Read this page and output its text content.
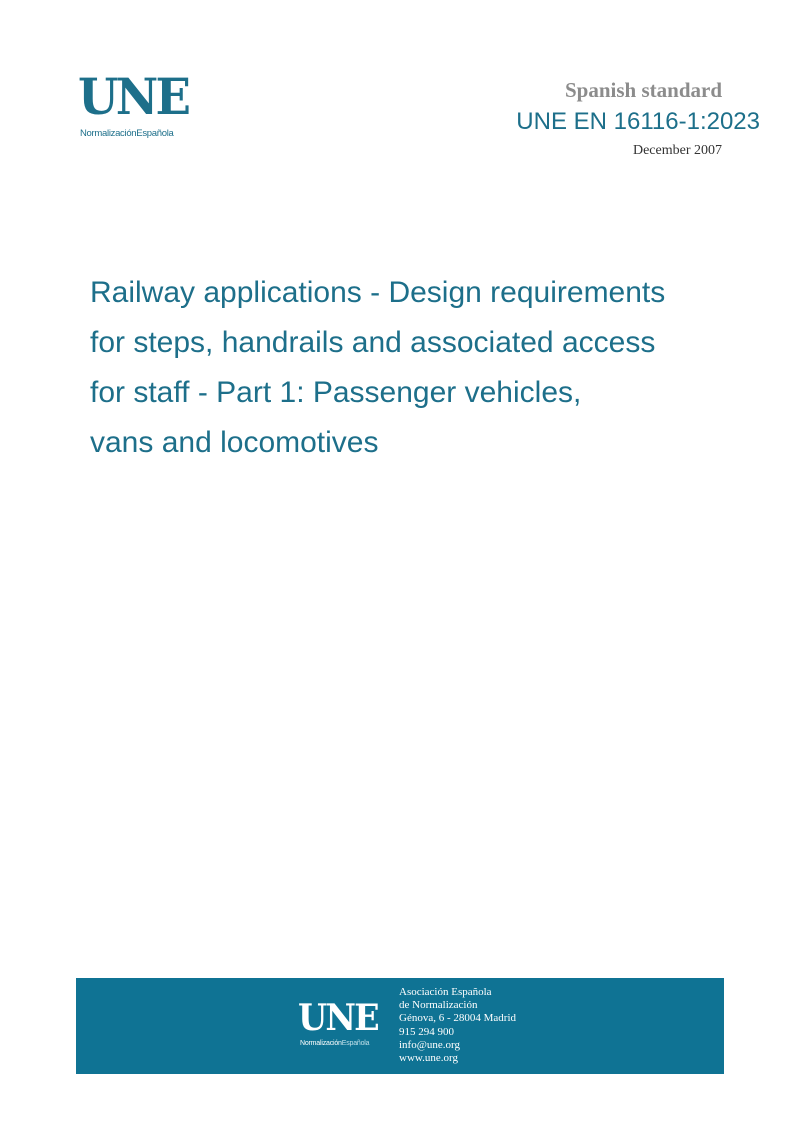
UNE
NormalizaciónEspañola
Spanish standard
UNE EN 16116-1:2023
December 2007
Railway applications - Design requirements
for steps, handrails and associated access
for staff - Part 1: Passenger vehicles,
vans and locomotives
UNE
NormalizaciónEspañola
Asociación Española
de Normalización
Génova, 6 - 28004 Madrid
915 294 900
info@une.org
www.une.org
